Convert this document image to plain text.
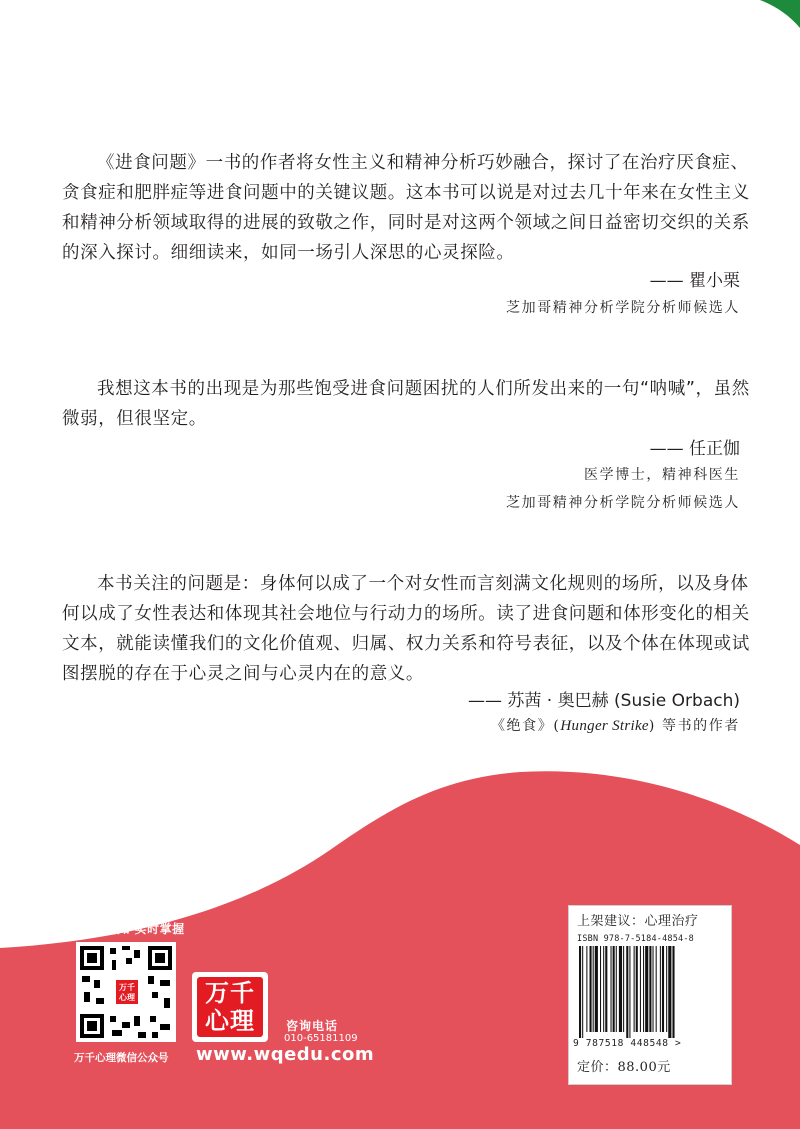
《进食问题》一书的作者将女性主义和精神分析巧妙融合，探讨了在治疗厌食症、贪食症和肥胖症等进食问题中的关键议题。这本书可以说是对过去几十年来在女性主义和精神分析领域取得的进展的致敬之作，同时是对这两个领域之间日益密切交织的关系的深入探讨。细细读来，如同一场引人深思的心灵探险。

—— 瞿小栗
芝加哥精神分析学院分析师候选人

我想这本书的出现是为那些饱受进食问题困扰的人们所发出来的一句“呐喊”，虽然微弱，但很坚定。

—— 任正伽
医学博士，精神科医生
芝加哥精神分析学院分析师候选人

本书关注的问题是：身体何以成了一个对女性而言刻满文化规则的场所，以及身体何以成了女性表达和体现其社会地位与行动力的场所。读了进食问题和体形变化的相关文本，就能读懂我们的文化价值观、归属、权力关系和符号表征，以及个体在体现或试图摆脱的存在于心灵之间与心灵内在的意义。

—— 苏茜 · 奥巴赫 (Susie Orbach)
《绝食》(Hunger Strike) 等书的作者
新书新知 实时掌握
万千
心理
万千心理微信公众号
万千
心理	咨询电话
010-65181109
www.wqedu.com
上架建议：心理治疗
ISBN 978-7-5184-4854-8
9 787518 448548 >
定价：88.00元
